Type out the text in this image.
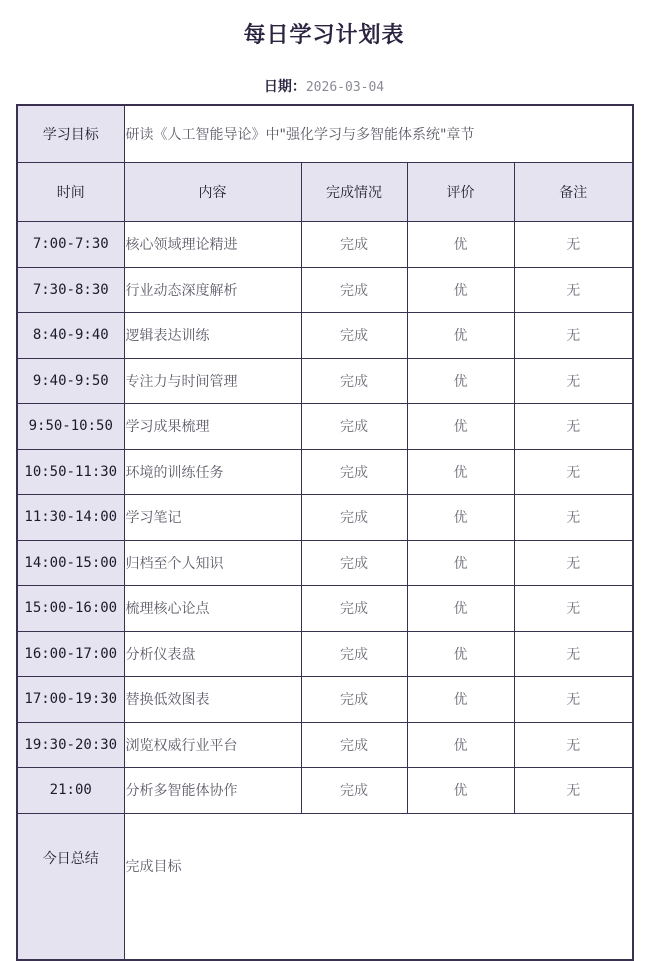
每日学习计划表
日期：2026-03-04
学习目标	研读《人工智能导论》中"强化学习与多智能体系统"章节			
时间	内容	完成情况	评价	备注
7:00-7:30	核心领域理论精进	完成	优	无
7:30-8:30	行业动态深度解析	完成	优	无
8:40-9:40	逻辑表达训练	完成	优	无
9:40-9:50	专注力与时间管理	完成	优	无
9:50-10:50	学习成果梳理	完成	优	无
10:50-11:30	环境的训练任务	完成	优	无
11:30-14:00	学习笔记	完成	优	无
14:00-15:00	归档至个人知识	完成	优	无
15:00-16:00	梳理核心论点	完成	优	无
16:00-17:00	分析仪表盘	完成	优	无
17:00-19:30	替换低效图表	完成	优	无
19:30-20:30	浏览权威行业平台	完成	优	无
21:00	分析多智能体协作	完成	优	无
今日总结	完成目标			
